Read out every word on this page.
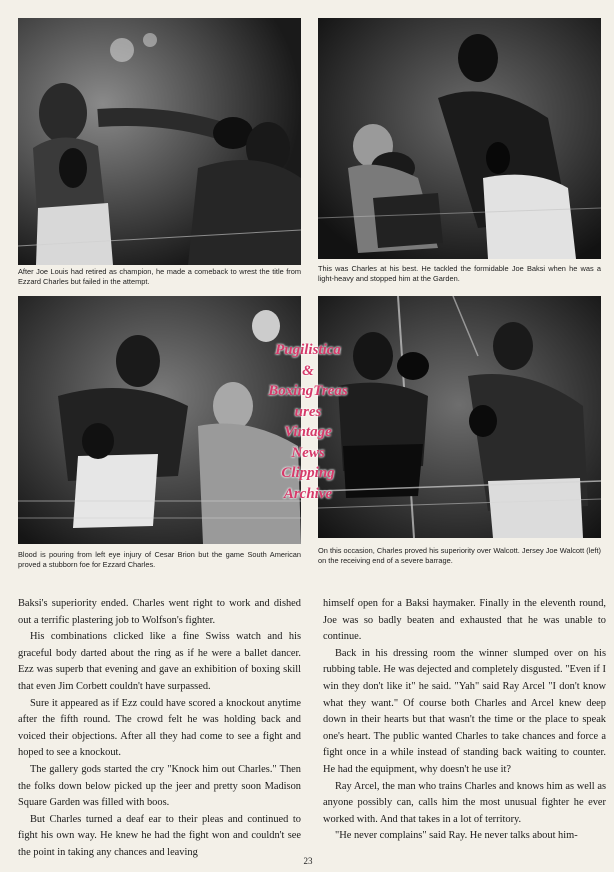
After Joe Louis had retired as champion, he made a comeback to wrest the title from Ezzard Charles but failed in the attempt.
This was Charles at his best. He tackled the formidable Joe Baksi when he was a light-heavy and stopped him at the Garden.
Blood is pouring from left eye injury of Cesar Brion but the game South American proved a stubborn foe for Ezzard Charles.
On this occasion, Charles proved his superiority over Walcott. Jersey Joe Walcott (left) on the receiving end of a severe barrage.
Pugilistica
&
BoxingTreas
ures
Vintage
News
Clipping
Archive

Baksi's superiority ended. Charles went right to work and dished out a terrific plastering job to Wolfson's fighter.

His combinations clicked like a fine Swiss watch and his graceful body darted about the ring as if he were a ballet dancer. Ezz was superb that evening and gave an exhibition of boxing skill that even Jim Corbett couldn't have surpassed.

Sure it appeared as if Ezz could have scored a knockout anytime after the fifth round. The crowd felt he was holding back and voiced their objections. After all they had come to see a fight and hoped to see a knockout.

The gallery gods started the cry "Knock him out Charles." Then the folks down below picked up the jeer and pretty soon Madison Square Garden was filled with boos.

But Charles turned a deaf ear to their pleas and continued to fight his own way. He knew he had the fight won and couldn't see the point in taking any chances and leaving

himself open for a Baksi haymaker. Finally in the eleventh round, Joe was so badly beaten and exhausted that he was unable to continue.

Back in his dressing room the winner slumped over on his rubbing table. He was dejected and completely disgusted. "Even if I win they don't like it" he said. "Yah" said Ray Arcel "I don't know what they want." Of course both Charles and Arcel knew deep down in their hearts but that wasn't the time or the place to speak one's heart. The public wanted Charles to take chances and force a fight once in a while instead of standing back waiting to counter. He had the equipment, why doesn't he use it?

Ray Arcel, the man who trains Charles and knows him as well as anyone possibly can, calls him the most unusual fighter he ever worked with. And that takes in a lot of territory.

"He never complains" said Ray. He never talks about him-

23
